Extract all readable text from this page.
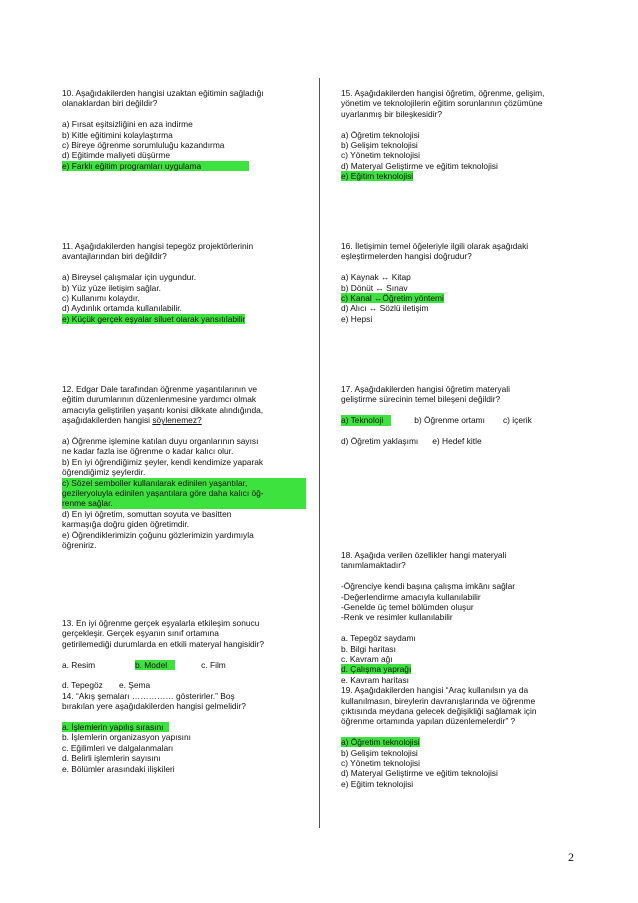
10. Aşağıdakilerden hangisi uzaktan eğitimin sağladığı
olanaklardan biri değildir?
a) Fırsat eşitsizliğini en aza indirme
b) Kitle eğitimini kolaylaştırma
c) Bireye öğrenme sorumluluğu kazandırma
d) Eğitimde maliyeti düşürme
e) Farklı eğitim programları uygulama
11. Aşağıdakilerden hangisi tepegöz projektörlerinin
avantajlarından biri değildir?
a) Bireysel çalışmalar için uygundur.
b) Yüz yüze iletişim sağlar.
c) Kullanımı kolaydır.
d) Aydınlık ortamda kullanılabilir.
e) Küçük gerçek eşyalar siluet olarak yansıtılabilir
12. Edgar Dale tarafından öğrenme yaşantılarının ve
eğitim durumlarının düzenlenmesine yardımcı olmak
amacıyla geliştirilen yaşantı konisi dikkate alındığında,
aşağıdakilerden hangisi söylenemez?
a) Öğrenme işlemine katılan duyu organlarının sayısı
ne kadar fazla ise öğrenme o kadar kalıcı olur.
b) En iyi öğrendiğimiz şeyler, kendi kendimize yaparak
öğrendiğimiz şeylerdir.
c) Sözel semboller kullanılarak edinilen yaşantılar,
gezileryoluyla edinilen yaşantılara göre daha kalıcı öğ-
renme sağlar.
d) En iyi öğretim, somuttan soyuta ve basitten
karmaşığa doğru giden öğretimdir.
e) Öğrendiklerimizin çoğunu gözlerimizin yardımıyla
öğreniriz.
13. En iyi öğrenme gerçek eşyalarla etkileşim sonucu
gerçekleşir. Gerçek eşyanın sınıf ortamına
getirilemediği durumlarda en etkili materyal hangisidir?
a. Resim	b. Model	c. Film
d. Tepegöz e. Şema
14. “Akış şemaları …………… gösterirler.” Boş
bırakılan yere aşağıdakilerden hangisi gelmelidir?
a. İşlemlerin yapılış sırasını
b. İşlemlerin organizasyon yapısını
c. Eğilimleri ve dalgalanmaları
d. Belirli işlemlerin sayısını
e. Bölümler arasındaki ilişkileri
15. Aşağıdakilerden hangisi öğretim, öğrenme, gelişim,
yönetim ve teknolojilerin eğitim sorunlarının çözümüne
uyarlanmış bir bileşkesidir?
a) Öğretim teknolojisi
b) Gelişim teknolojisi
c) Yönetim teknolojisi
d) Materyal Geliştirme ve eğitim teknolojisi
e) Eğitim teknolojisi
16. İletişimin temel öğeleriyle ilgili olarak aşağıdaki
eşleştirmelerden hangisi doğrudur?
a) Kaynak ↔ Kitap
b) Dönüt ↔ Sınav
c) Kanal ↔Öğretim yöntemi
d) Alıcı ↔ Sözlü iletişim
e) Hepsi
17. Aşağıdakilerden hangisi öğretim materyali
geliştirme sürecinin temel bileşeni değildir?
a) Teknoloji	b) Öğrenme ortamı c) içerik
d) Öğretim yaklaşımı e) Hedef kitle
18. Aşağıda verilen özellikler hangi materyali
tanımlamaktadır?
-Öğrenciye kendi başına çalışma imkânı sağlar
-Değerlendirme amacıyla kullanılabilir
-Genelde üç temel bölümden oluşur
-Renk ve resimler kullanılabilir
a. Tepegöz saydamı
b. Bilgi haritası
c. Kavram ağı
d. Çalışma yaprağı
e. Kavram haritası
19. Aşağıdakilerden hangisi “Araç kullanılsın ya da
kullanılmasın, bireylerin davranışlarında ve öğrenme
çıktısında meydana gelecek değişikliği sağlamak için
öğrenme ortamında yapılan düzenlemelerdir” ?
a) Öğretim teknolojisi
b) Gelişim teknolojisi
c) Yönetim teknolojisi
d) Materyal Geliştirme ve eğitim teknolojisi
e) Eğitim teknolojisi
2
